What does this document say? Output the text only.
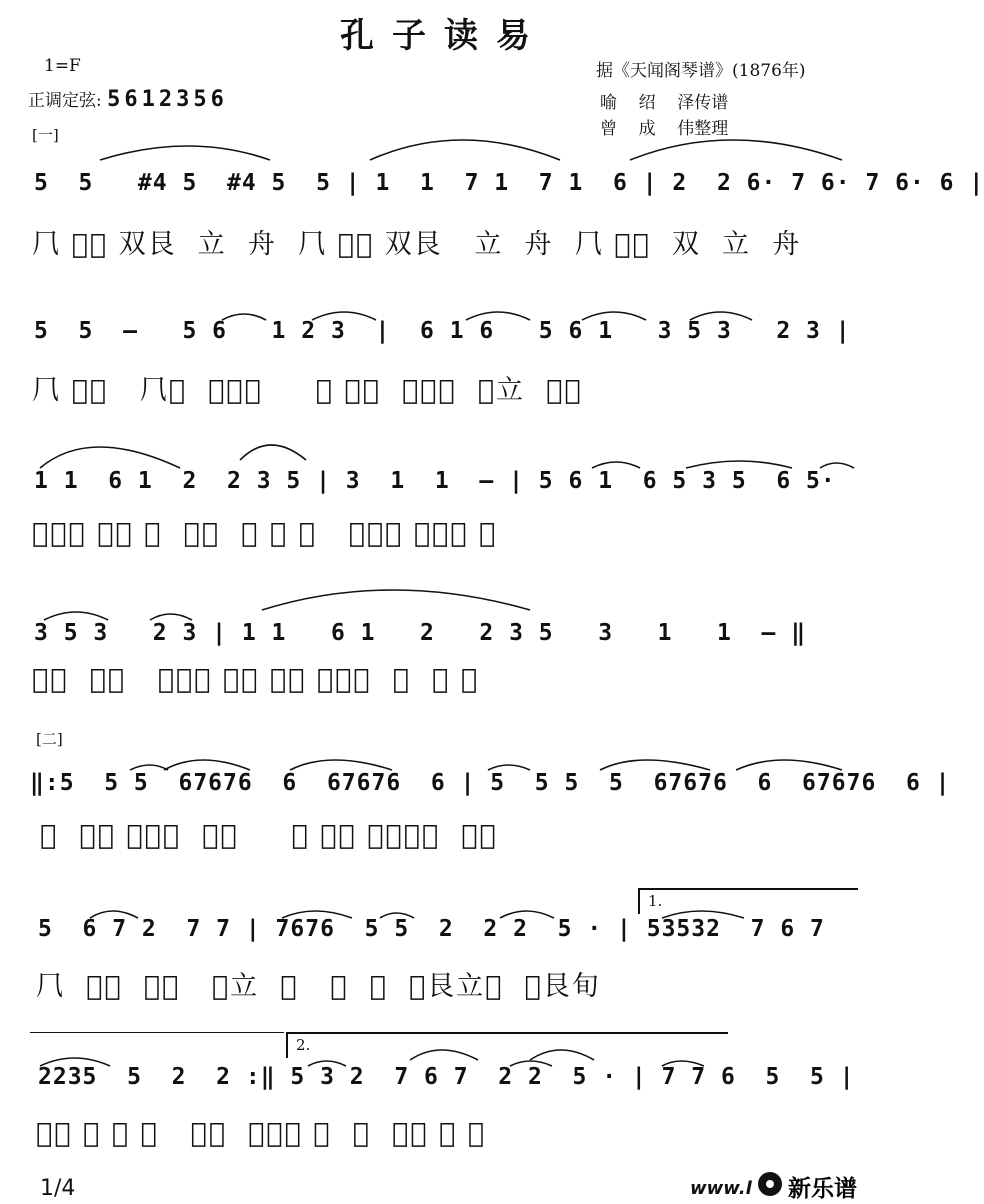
孔子读易
1=F
正调定弦: 5612356
据《天闻阁琴谱》(1876年)
喻    绍    泽传谱
曾    成    伟整理
[一]
[二]
5  5   #4 5  #4 5  5 | 1  1  7 1  7 1  6 | 2  2 6· 7 6· 7 6· 6 |
⺇ 𤇊𤇊 双艮  立  ⾈  ⺇ 𤇊𤇊 双艮   立  ⾈  ⺇ 𤇊𤇊  双  立  ⾈
5  5  —   5 6   1 2 3  |  6 1 6   5 6 1   3 5 3   2 3 |
⺇ 𤇊𤇊   ⺇𤇊  𤇊𤇊𤇊     𤇊 𤇊𤇊  𤇊𤇊𤇊  𤇊立  𤇊𤇊
1 1  6 1  2  2 3 5 | 3  1  1  — | 5 6 1  6 5 3 5  6 5·
𤇊𤇊𤇊 艮旬 𤇊  𤇊𤇊  ⺇ ⺇ 𤇊   𤇊𤇊𤇊 𤇊𤇊𤇊 立
3 5 3   2 3 | 1 1   6 1   2   2 3 5   3   1   1  — ‖
𤇊立  𤇊𤇊   𤇊𤇊𤇊 艮旬 𤇊𤇊 𤇊𤇊𤇊  ⺇  ⺇ 𤇊
‖:5  5 5  67676  6  67676  6 | 5  5 5  5  67676  6  67676  6 |
𤇊  𤇊𤇊 𤇊双立  再作     𤇊 𤇊𤇊 𤇊𤇊双立  再作
5  6 7 2  7 7 | 7676  5 5  2  2 2  5 · | 53532  7 6 7
⺇  𤇊𤇊  𤇊𤇊   𤇊立  𤇊   𤇊  𤇊  𤇊艮立𤇊  𤇊艮旬
2235  5  2  2 :‖ 5 3 2  7 6 7  2 2  5 · | 7 7 6  5  5 |
𤇊𤇊 ⾈ 𤇊 𤇊   𤇊𤇊  𤇊艮旬 𤇊  𤇊  𤇊𤇊 𤇊 𤇊
1.
2.
1/4	www.l 新乐谱
